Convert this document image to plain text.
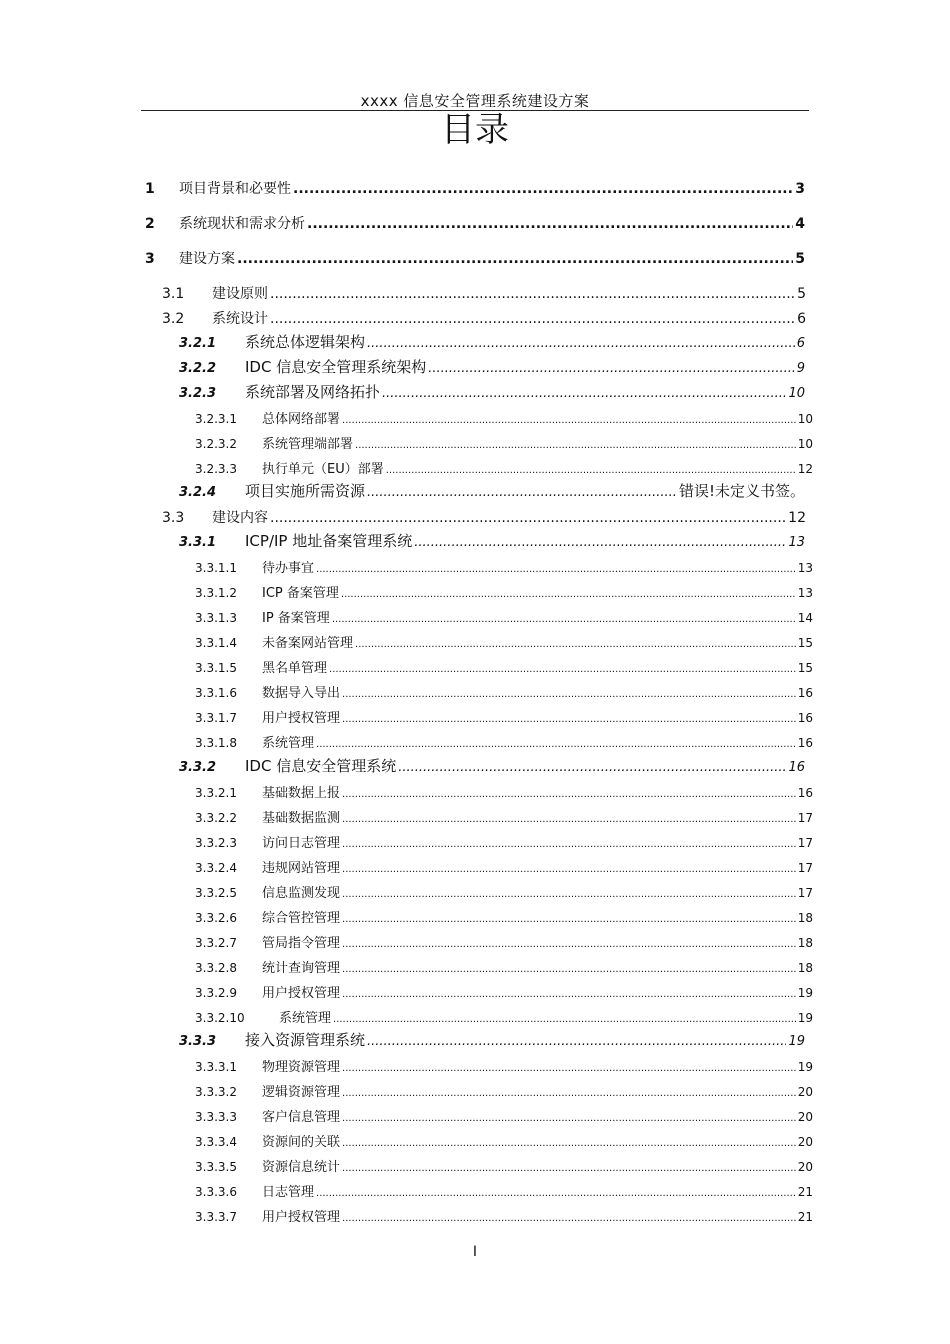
xxxx 信息安全管理系统建设方案
目录
1	项目背景和必要性 .....	3
2	系统现状和需求分析 .....	4
3	建设方案 .....	5
3.1	建设原则 .....	5
3.2	系统设计 .....	6
3.2.1	系统总体逻辑架构 .....	6
3.2.2	IDC 信息安全管理系统架构 .....	9
3.2.3	系统部署及网络拓扑 .....	10
3.2.3.1	总体网络部署 .....	10
3.2.3.2	系统管理端部署 .....	10
3.2.3.3	执行单元（EU）部署 .....	12
3.2.4	项目实施所需资源 .....	错误!未定义书签。
3.3	建设内容 .....	12
3.3.1	ICP/IP 地址备案管理系统 .....	13
3.3.1.1	待办事宜 .....	13
3.3.1.2	ICP 备案管理 .....	13
3.3.1.3	IP 备案管理 .....	14
3.3.1.4	未备案网站管理 .....	15
3.3.1.5	黑名单管理 .....	15
3.3.1.6	数据导入导出 .....	16
3.3.1.7	用户授权管理 .....	16
3.3.1.8	系统管理 .....	16
3.3.2	IDC 信息安全管理系统 .....	16
3.3.2.1	基础数据上报 .....	16
3.3.2.2	基础数据监测 .....	17
3.3.2.3	访问日志管理 .....	17
3.3.2.4	违规网站管理 .....	17
3.3.2.5	信息监测发现 .....	17
3.3.2.6	综合管控管理 .....	18
3.3.2.7	管局指令管理 .....	18
3.3.2.8	统计查询管理 .....	18
3.3.2.9	用户授权管理 .....	19
3.3.2.10	系统管理 .....	19
3.3.3	接入资源管理系统 .....	19
3.3.3.1	物理资源管理 .....	19
3.3.3.2	逻辑资源管理 .....	20
3.3.3.3	客户信息管理 .....	20
3.3.3.4	资源间的关联 .....	20
3.3.3.5	资源信息统计 .....	20
3.3.3.6	日志管理 .....	21
3.3.3.7	用户授权管理 .....	21
I
